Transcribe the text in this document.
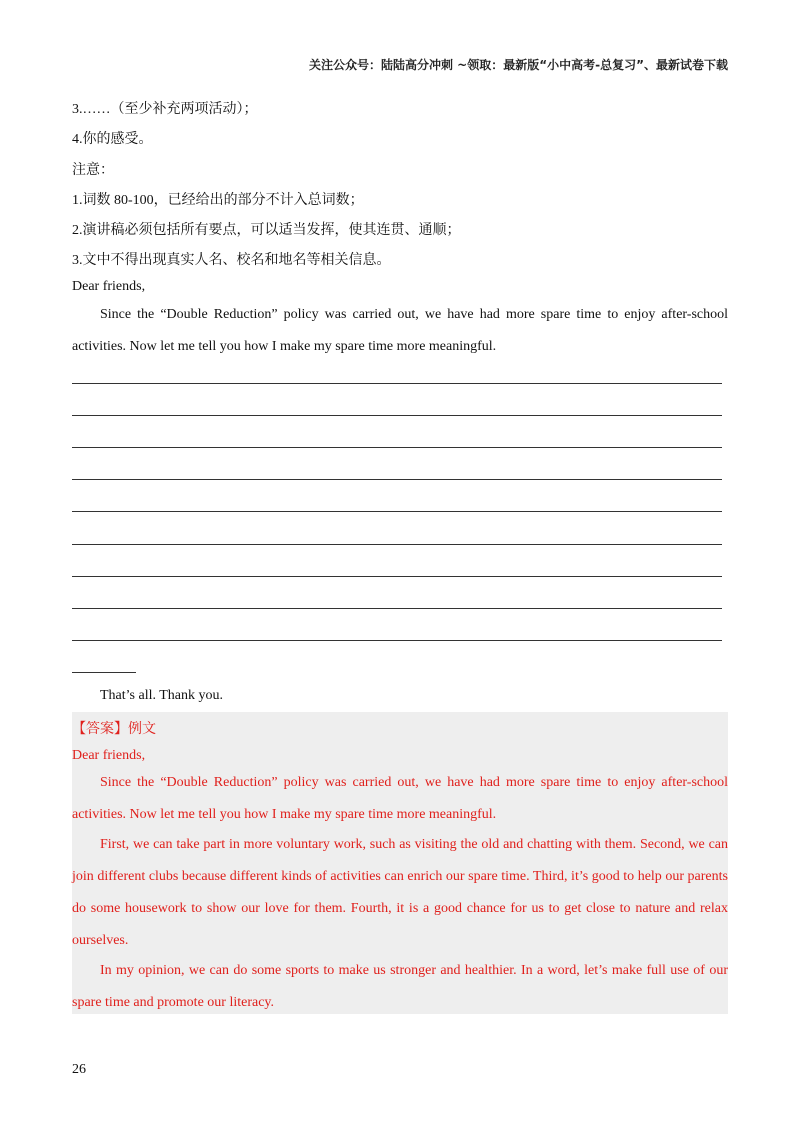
关注公众号：陆陆高分冲刺 ~领取：最新版“小中高考-总复习”、最新试卷下载
3.……（至少补充两项活动）；
4.你的感受。
注意：
1.词数 80-100，已经给出的部分不计入总词数；
2.演讲稿必须包括所有要点，可以适当发挥，使其连贯、通顺；
3.文中不得出现真实人名、校名和地名等相关信息。
Dear friends,
Since the “Double Reduction” policy was carried out, we have had more spare time to enjoy after-school activities. Now let me tell you how I make my spare time more meaningful.
That’s all. Thank you.
【答案】例文
Dear friends,
Since the “Double Reduction” policy was carried out, we have had more spare time to enjoy after-school activities. Now let me tell you how I make my spare time more meaningful.
First, we can take part in more voluntary work, such as visiting the old and chatting with them. Second, we can join different clubs because different kinds of activities can enrich our spare time. Third, it’s good to help our parents do some housework to show our love for them. Fourth, it is a good chance for us to get close to nature and relax ourselves.
In my opinion, we can do some sports to make us stronger and healthier. In a word, let’s make full use of our spare time and promote our literacy.
26
